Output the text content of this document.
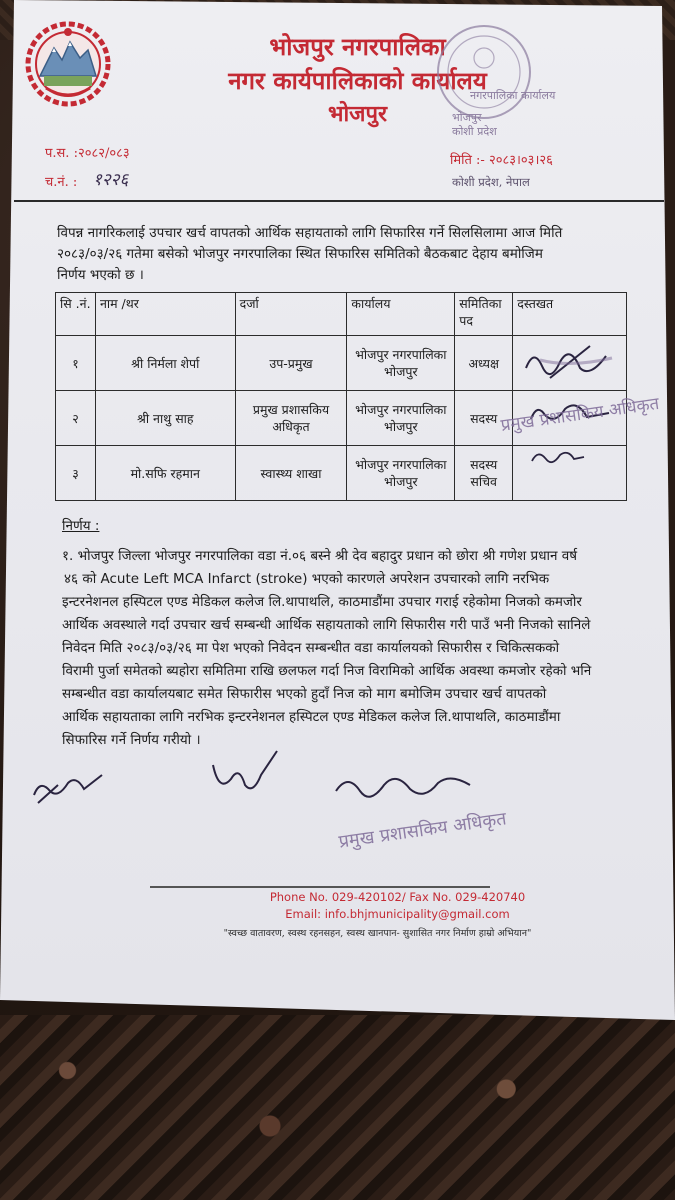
भोजपुर नगरपालिका
नगर कार्यपालिकाको कार्यालय
भोजपुर
नगरपालिका कार्यालय
भोजपुर
कोशी प्रदेश
प.स. :२०८२/०८३
च.नं. : १२२६
मिति :- २०८३।०३।२६
कोशी प्रदेश, नेपाल
विपन्न नागरिकलाई उपचार खर्च वापतको आर्थिक सहायताको लागि सिफारिस गर्ने सिलसिलामा आज मिति
२०८३/०३/२६ गतेमा बसेको भोजपुर नगरपालिका स्थित सिफारिस समितिको बैठकबाट देहाय बमोजिम
निर्णय भएको छ ।
सि .नं.	नाम /थर	दर्जा	कार्यालय	समितिका पद	दस्तखत
१	श्री निर्मला शेर्पा	उप-प्रमुख	भोजपुर नगरपालिका भोजपुर	अध्यक्ष	
२	श्री नाथु साह	प्रमुख प्रशासकिय अधिकृत	भोजपुर नगरपालिका भोजपुर	सदस्य	
३	मो.सफि रहमान	स्वास्थ्य शाखा	भोजपुर नगरपालिका भोजपुर	सदस्य सचिव	
प्रमुख प्रशासकिय अधिकृत
निर्णय :
१. भोजपुर जिल्ला भोजपुर नगरपालिका वडा नं.०६ बस्ने श्री देव बहादुर प्रधान को छोरा श्री गणेश प्रधान वर्ष
४६ को Acute Left MCA Infarct (stroke) भएको कारणले अपरेशन उपचारको लागि नरभिक
इन्टरनेशनल हस्पिटल एण्ड मेडिकल कलेज लि.थापाथलि, काठमाडौंमा उपचार गराई रहेकोमा निजको कमजोर
आर्थिक अवस्थाले गर्दा उपचार खर्च सम्बन्धी आर्थिक सहायताको लागि सिफारीस गरी पाउँ भनी निजको सानिले
निवेदन मिति २०८३/०३/२६ मा पेश भएको निवेदन सम्बन्धीत वडा कार्यालयको सिफारीस र चिकित्सकको
विरामी पुर्जा समेतको ब्यहोरा समितिमा राखि छलफल गर्दा निज विरामिको आर्थिक अवस्था कमजोर रहेको भनि
सम्बन्धीत वडा कार्यालयबाट समेत सिफारीस भएको हुदाँ निज को माग बमोजिम उपचार खर्च वापतको
आर्थिक सहायताका लागि नरभिक इन्टरनेशनल हस्पिटल एण्ड मेडिकल कलेज लि.थापाथलि, काठमाडौंमा
सिफारिस गर्ने निर्णय गरीयो ।
प्रमुख प्रशासकिय अधिकृत
Phone No. 029-420102/ Fax No. 029-420740
Email: info.bhjmunicipality@gmail.com
"स्वच्छ वातावरण, स्वस्थ रहनसहन, स्वस्थ खानपान- सुशासित नगर निर्माण हाम्रो अभियान"
